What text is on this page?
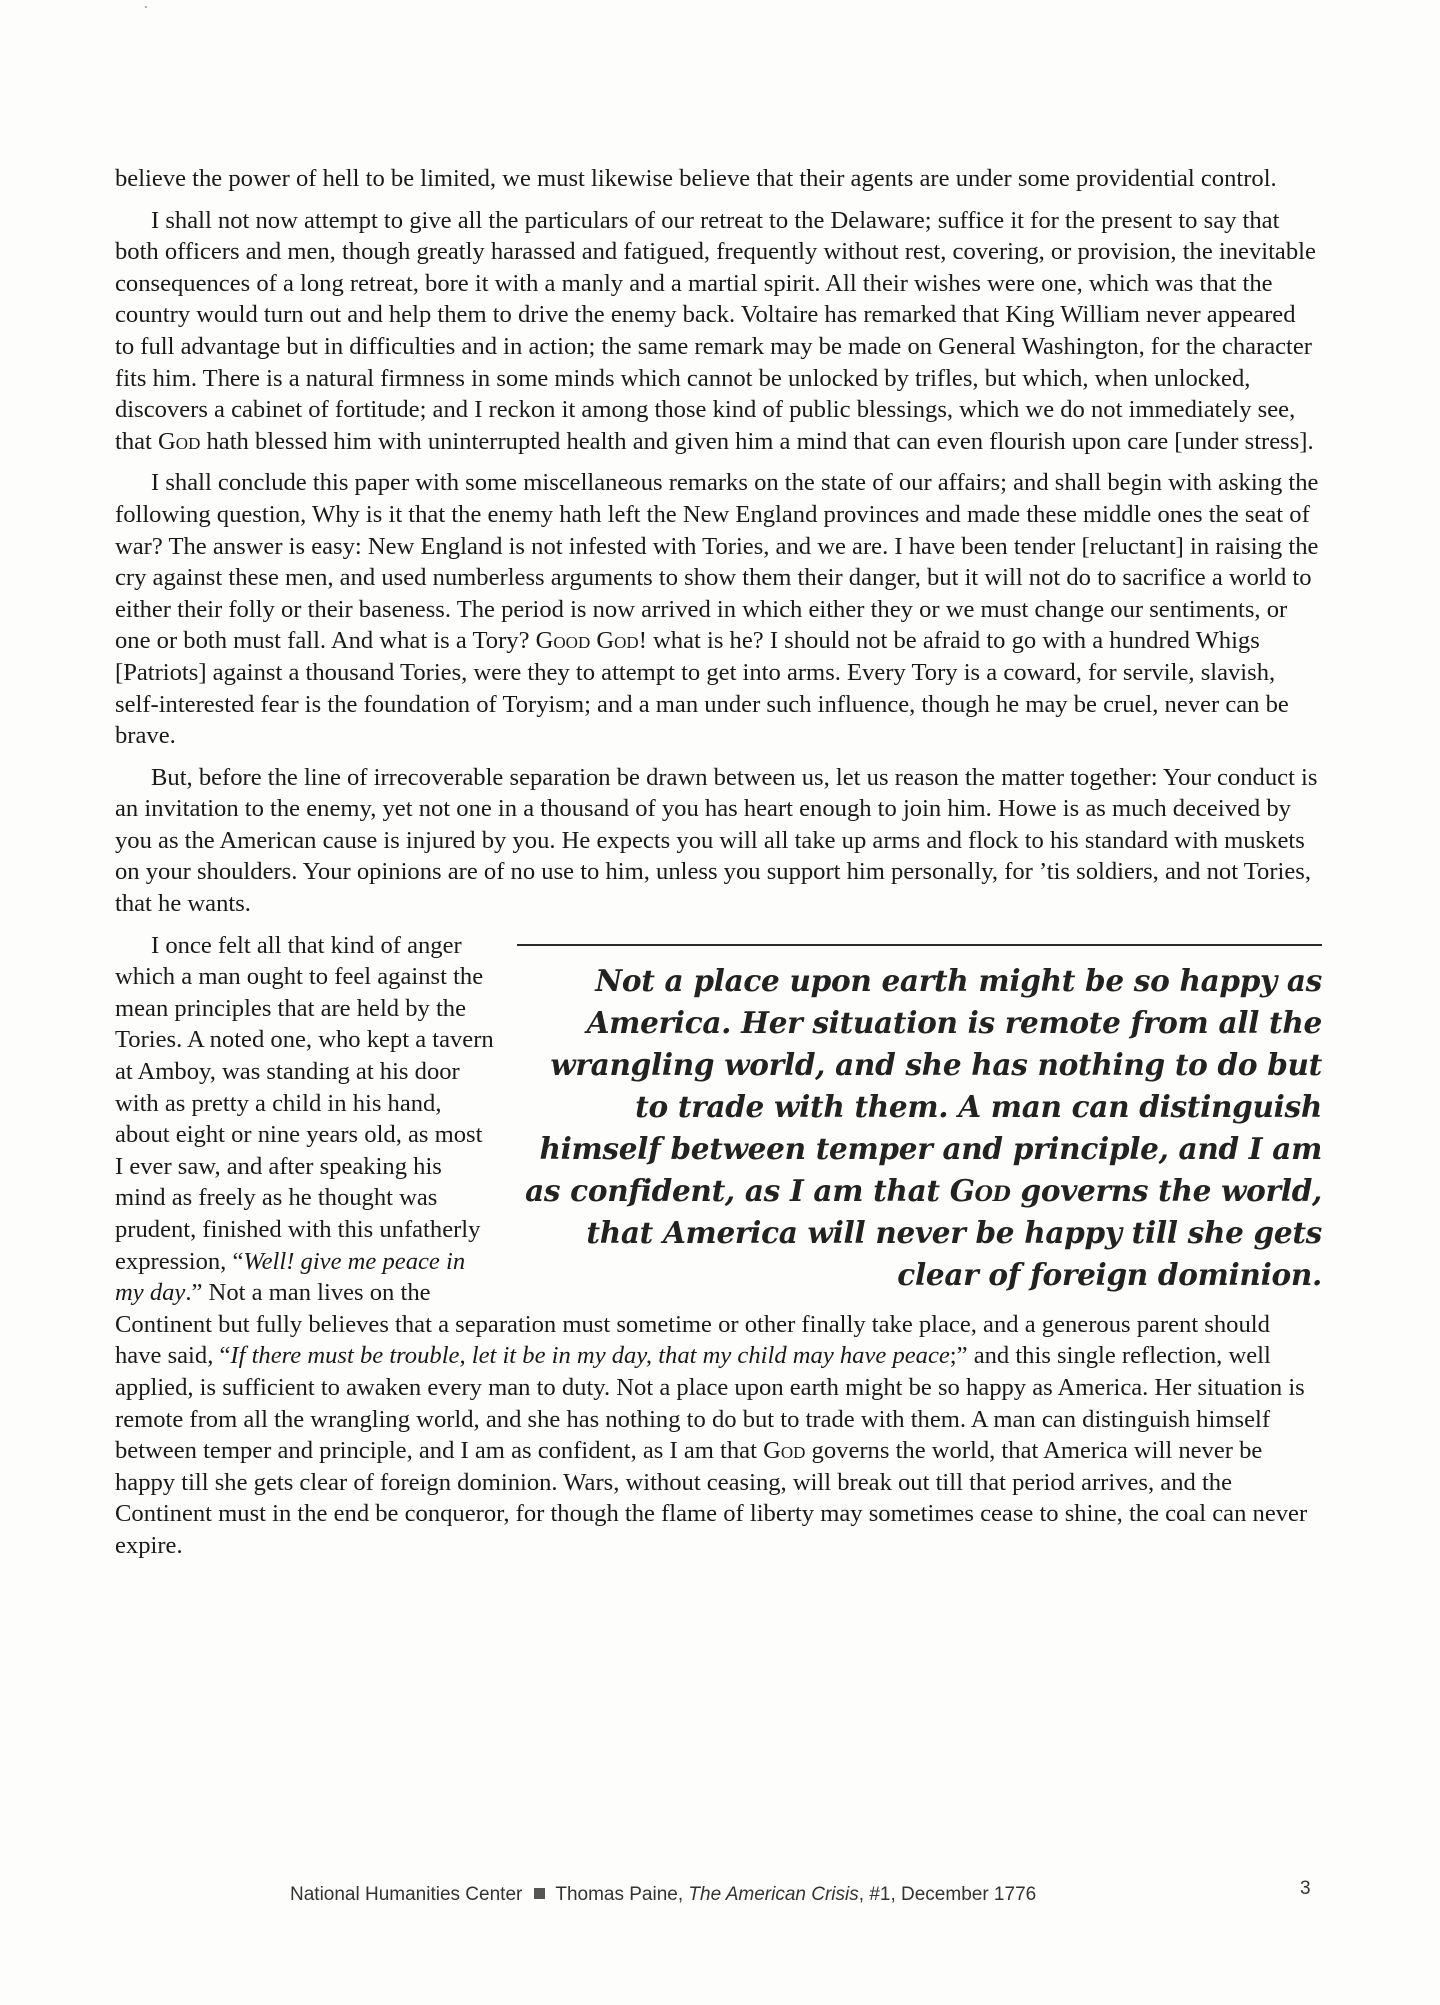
believe the power of hell to be limited, we must likewise believe that their agents are under some providential control.

I shall not now attempt to give all the particulars of our retreat to the Delaware; suffice it for the present to say that both officers and men, though greatly harassed and fatigued, frequently without rest, covering, or provision, the inevitable consequences of a long retreat, bore it with a manly and a martial spirit. All their wishes were one, which was that the country would turn out and help them to drive the enemy back. Voltaire has remarked that King William never appeared to full advantage but in difficulties and in action; the same remark may be made on General Washington, for the character fits him. There is a natural firmness in some minds which cannot be unlocked by trifles, but which, when unlocked, discovers a cabinet of fortitude; and I reckon it among those kind of public blessings, which we do not immediately see, that God hath blessed him with uninterrupted health and given him a mind that can even flourish upon care [under stress].

I shall conclude this paper with some miscellaneous remarks on the state of our affairs; and shall begin with asking the following question, Why is it that the enemy hath left the New England provinces and made these middle ones the seat of war? The answer is easy: New England is not infested with Tories, and we are. I have been tender [reluctant] in raising the cry against these men, and used numberless arguments to show them their danger, but it will not do to sacrifice a world to either their folly or their baseness. The period is now arrived in which either they or we must change our sentiments, or one or both must fall. And what is a Tory? Good God! what is he? I should not be afraid to go with a hundred Whigs [Patriots] against a thousand Tories, were they to attempt to get into arms. Every Tory is a coward, for servile, slavish, self-interested fear is the foundation of Toryism; and a man under such influence, though he may be cruel, never can be brave.

But, before the line of irrecoverable separation be drawn between us, let us reason the matter together: Your conduct is an invitation to the enemy, yet not one in a thousand of you has heart enough to join him. Howe is as much deceived by you as the American cause is injured by you. He expects you will all take up arms and flock to his standard with muskets on your shoulders. Your opinions are of no use to him, unless you support him personally, for ’tis soldiers, and not Tories, that he wants.

Not a place upon earth might be so happy as America. Her situation is remote from all the wrangling world, and she has nothing to do but to trade with them. A man can distinguish himself between temper and principle, and I am as confident, as I am that God governs the world, that America will never be happy till she gets clear of foreign dominion.
I once felt all that kind of anger which a man ought to feel against the mean principles that are held by the Tories. A noted one, who kept a tavern at Amboy, was standing at his door with as pretty a child in his hand, about eight or nine years old, as most I ever saw, and after speaking his mind as freely as he thought was prudent, finished with this unfatherly expression, “Well! give me peace in my day.” Not a man lives on the Continent but fully believes that a separation must sometime or other finally take place, and a generous parent should have said, “If there must be trouble, let it be in my day, that my child may have peace;” and this single reflection, well applied, is sufficient to awaken every man to duty. Not a place upon earth might be so happy as America. Her situation is remote from all the wrangling world, and she has nothing to do but to trade with them. A man can distinguish himself between temper and principle, and I am as confident, as I am that God governs the world, that America will never be happy till she gets clear of foreign dominion. Wars, without ceasing, will break out till that period arrives, and the Continent must in the end be conqueror, for though the flame of liberty may sometimes cease to shine, the coal can never expire.

National Humanities Center Thomas Paine, The American Crisis, #1, December 1776	3
